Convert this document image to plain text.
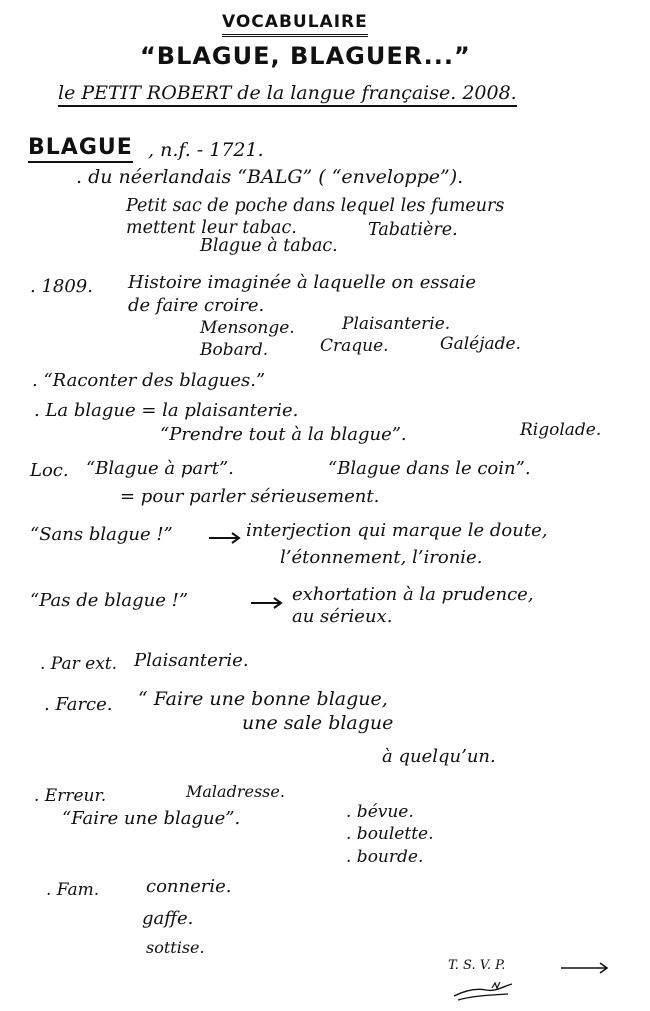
VOCABULAIRE
“BLAGUE, BLAGUER...”
le PETIT ROBERT de la langue française. 2008.
BLAGUE , n.f. - 1721.
. du néerlandais “BALG” ( “enveloppe”).
Petit sac de poche dans lequel les fumeurs
mettent leur tabac.	Tabatière.
Blague à tabac.
. 1809. Histoire imaginée à laquelle on essaie
de faire croire.
Mensonge.	Plaisanterie.
Bobard.	Craque.	Galéjade.
. “Raconter des blagues.”
. La blague = la plaisanterie.
“Prendre tout à la blague”.	Rigolade.
Loc. “Blague à part”.	“Blague dans le coin”.
= pour parler sérieusement.
“Sans blague !”	interjection qui marque le doute,
l’étonnement, l’ironie.
“Pas de blague !”	exhortation à la prudence,
au sérieux.
. Par ext. Plaisanterie.
. Farce. “ Faire une bonne blague,
une sale blague
à quelqu’un.
. Erreur.	Maladresse.
“Faire une blague”.	. bévue.
. boulette.
. bourde.
. Fam.	connerie.
gaffe.
sottise.
T. S. V. P.
